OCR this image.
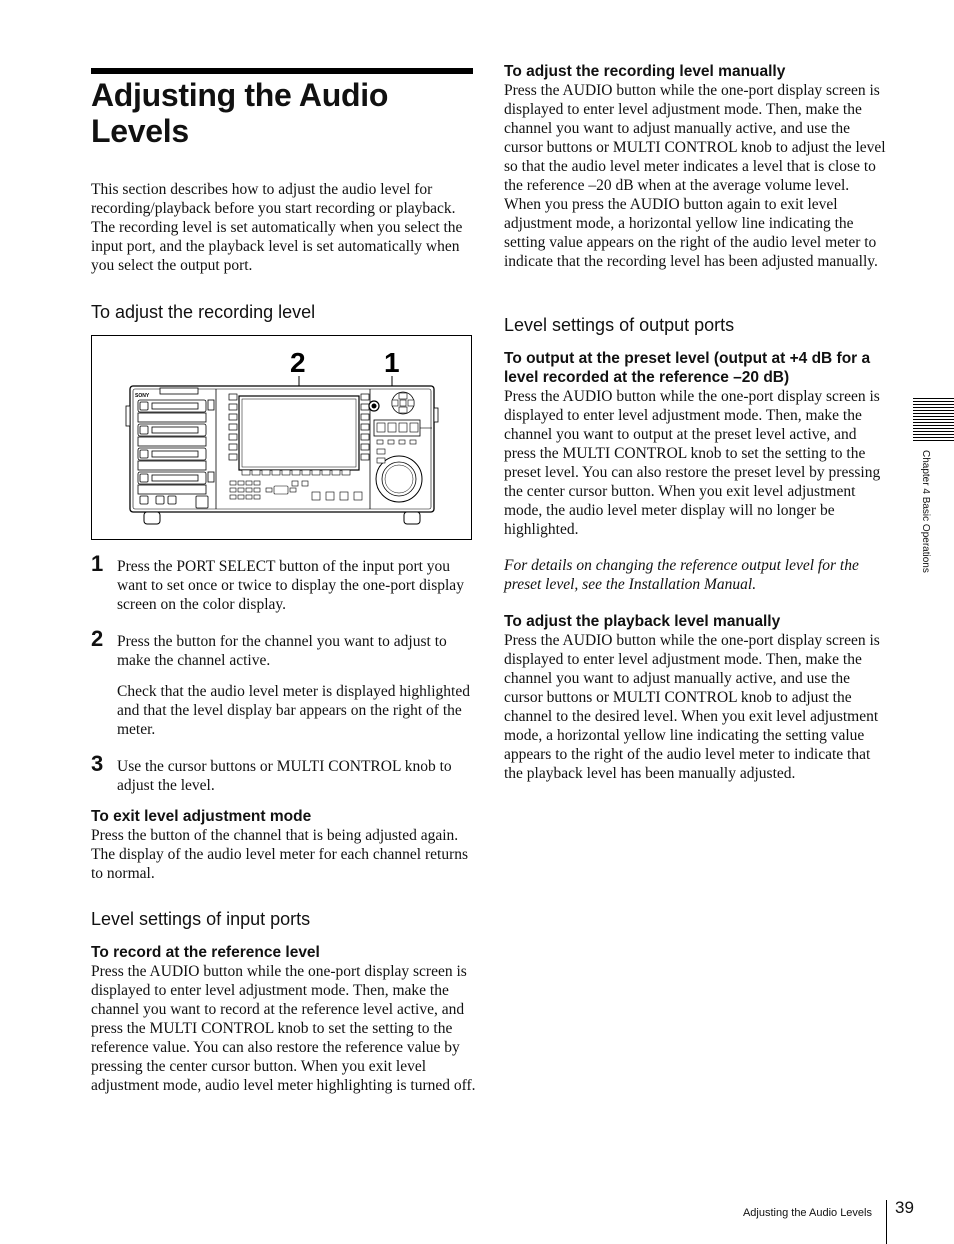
Adjusting the Audio Levels
This section describes how to adjust the audio level for recording/playback before you start recording or playback. The recording level is set automatically when you select the input port, and the playback level is set automatically when you select the output port.
To adjust the recording level
2	1
SONY
1 Press the PORT SELECT button of the input port you want to set once or twice to display the one-port display screen on the color display.
2 Press the button for the channel you want to adjust to make the channel active.
Check that the audio level meter is displayed highlighted and that the level display bar appears on the right of the meter.
3 Use the cursor buttons or MULTI CONTROL knob to adjust the level.
To exit level adjustment mode
Press the button of the channel that is being adjusted again. The display of the audio level meter for each channel returns to normal.
Level settings of input ports
To record at the reference level
Press the AUDIO button while the one-port display screen is displayed to enter level adjustment mode. Then, make the channel you want to record at the reference level active, and press the MULTI CONTROL knob to set the setting to the reference value. You can also restore the reference value by pressing the center cursor button. When you exit level adjustment mode, audio level meter highlighting is turned off.
To adjust the recording level manually
Press the AUDIO button while the one-port display screen is displayed to enter level adjustment mode. Then, make the channel you want to adjust manually active, and use the cursor buttons or MULTI CONTROL knob to adjust the level so that the audio level meter indicates a level that is close to the reference –20 dB when at the average volume level. When you press the AUDIO button again to exit level adjustment mode, a horizontal yellow line indicating the setting value appears on the right of the audio level meter to indicate that the recording level has been adjusted manually.
Level settings of output ports
To output at the preset level (output at +4 dB for a level recorded at the reference –20 dB)
Press the AUDIO button while the one-port display screen is displayed to enter level adjustment mode. Then, make the channel you want to output at the preset level active, and press the MULTI CONTROL knob to set the setting to the preset level. You can also restore the preset level by pressing the center cursor button. When you exit level adjustment mode, the audio level meter display will no longer be highlighted.
For details on changing the reference output level for the preset level, see the Installation Manual.
To adjust the playback level manually
Press the AUDIO button while the one-port display screen is displayed to enter level adjustment mode. Then, make the channel you want to adjust manually active, and use the cursor buttons or MULTI CONTROL knob to adjust the channel to the desired level. When you exit level adjustment mode, a horizontal yellow line indicating the setting value appears to the right of the audio level meter to indicate that the playback level has been manually adjusted.
Chapter 4 Basic Operations
Adjusting the Audio Levels 39
